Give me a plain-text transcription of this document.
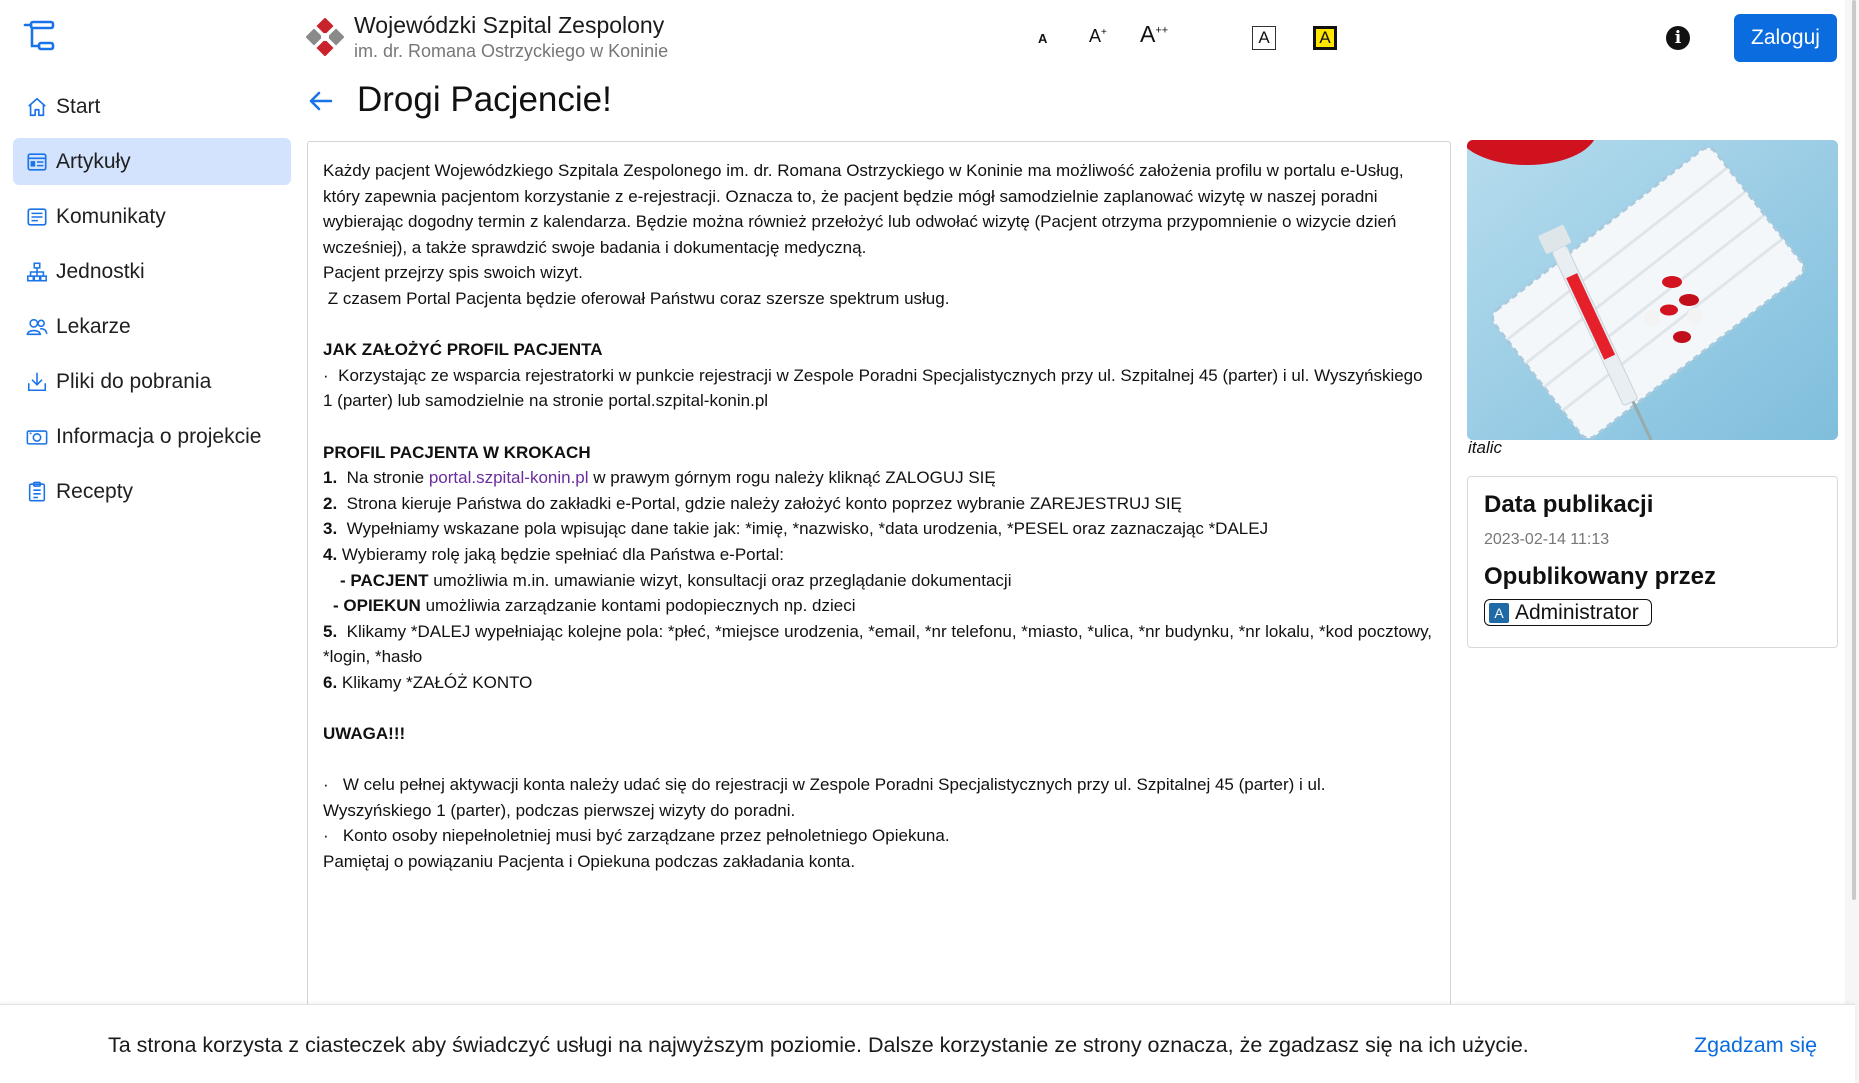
Start
Artykuły
Komunikaty
Jednostki
Lekarze
Pliki do pobrania
Informacja o projekcie
Recepty
Wojewódzki Szpital Zespolony
im. dr. Romana Ostrzyckiego w Koninie
A A+ A++	A	A	i	Zaloguj
Drogi Pacjencie!

Każdy pacjent Wojewódzkiego Szpitala Zespolonego im. dr. Romana Ostrzyckiego w Koninie ma możliwość założenia profilu w portalu e-Usług, który zapewnia pacjentom korzystanie z e-rejestracji. Oznacza to, że pacjent będzie mógł samodzielnie zaplanować wizytę w naszej poradni wybierając dogodny termin z kalendarza. Będzie można również przełożyć lub odwołać wizytę (Pacjent otrzyma przypomnienie o wizycie dzień wcześniej), a także sprawdzić swoje badania i dokumentację medyczną.

Pacjent przejrzy spis swoich wizyt.

Z czasem Portal Pacjenta będzie oferował Państwu coraz szersze spektrum usług.

JAK ZAŁOŻYĆ PROFIL PACJENTA

·  Korzystając ze wsparcia rejestratorki w punkcie rejestracji w Zespole Poradni Specjalistycznych przy ul. Szpitalnej 45 (parter) i ul. Wyszyńskiego 1 (parter) lub samodzielnie na stronie portal.szpital-konin.pl

PROFIL PACJENTA W KROKACH

1.  Na stronie portal.szpital-konin.pl w prawym górnym rogu należy kliknąć ZALOGUJ SIĘ

2.  Strona kieruje Państwa do zakładki e-Portal, gdzie należy założyć konto poprzez wybranie ZAREJESTRUJ SIĘ

3.  Wypełniamy wskazane pola wpisując dane takie jak: *imię, *nazwisko, *data urodzenia, *PESEL oraz zaznaczając *DALEJ

4. Wybieramy rolę jaką będzie spełniać dla Państwa e-Portal:

- PACJENT umożliwia m.in. umawianie wizyt, konsultacji oraz przeglądanie dokumentacji

- OPIEKUN umożliwia zarządzanie kontami podopiecznych np. dzieci

5.  Klikamy *DALEJ wypełniając kolejne pola: *płeć, *miejsce urodzenia, *email, *nr telefonu, *miasto, *ulica, *nr budynku, *nr lokalu, *kod pocztowy, *login, *hasło

6. Klikamy *ZAŁÓŻ KONTO

UWAGA!!!

·   W celu pełnej aktywacji konta należy udać się do rejestracji w Zespole Poradni Specjalistycznych przy ul. Szpitalnej 45 (parter) i ul. Wyszyńskiego 1 (parter), podczas pierwszej wizyty do poradni.

·   Konto osoby niepełnoletniej musi być zarządzane przez pełnoletniego Opiekuna.

Pamiętaj o powiązaniu Pacjenta i Opiekuna podczas zakładania konta.

italic
Data publikacji
2023-02-14 11:13
Opublikowany przez
A Administrator
Ta strona korzysta z ciasteczek aby świadczyć usługi na najwyższym poziomie. Dalsze korzystanie ze strony oznacza, że zgadzasz się na ich użycie.	Zgadzam się
